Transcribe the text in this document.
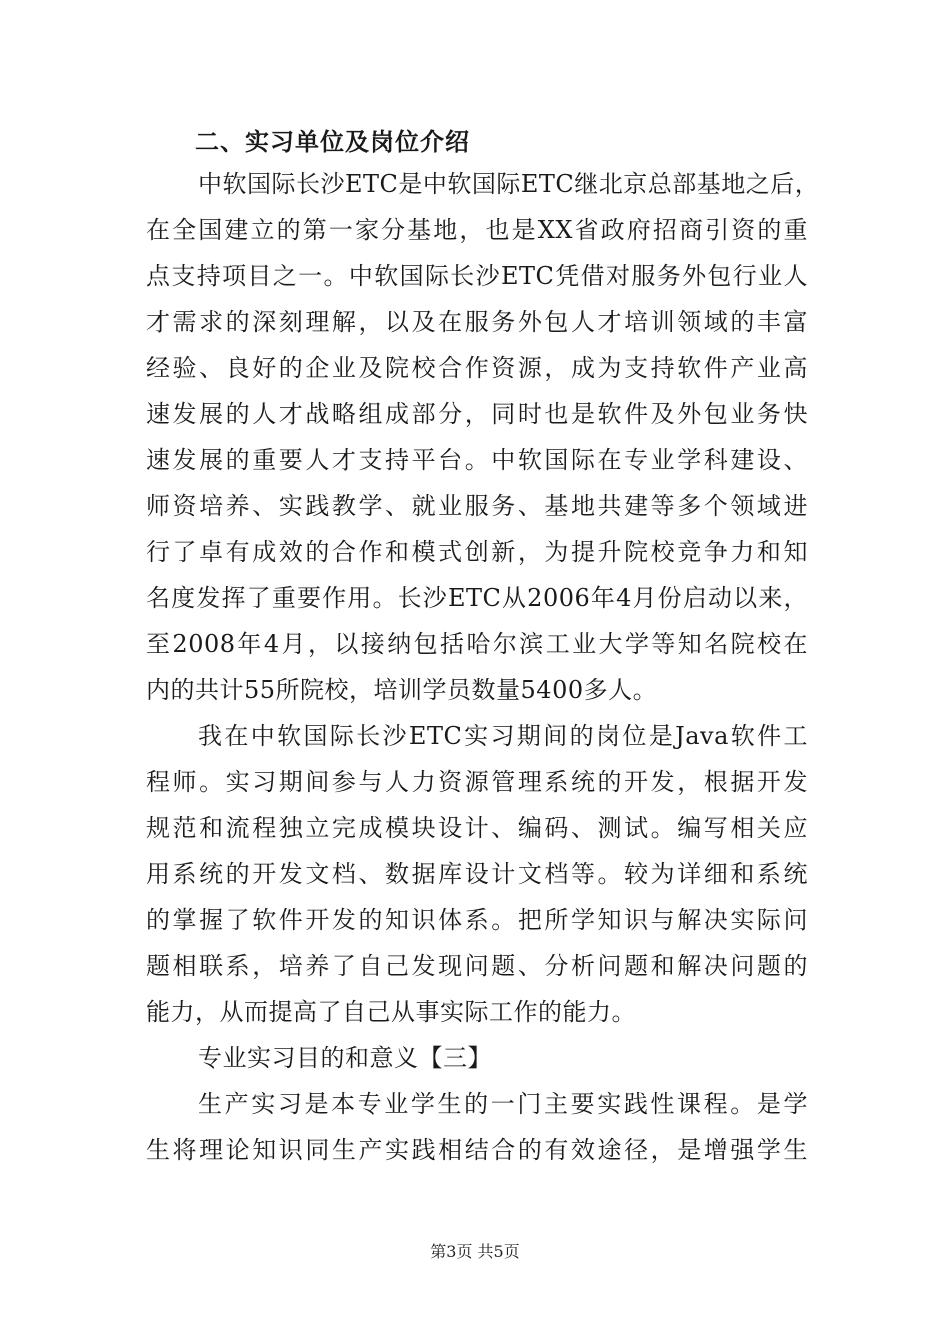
二、实习单位及岗位介绍
中软国际长沙ETC是中软国际ETC继北京总部基地之后，
在全国建立的第一家分基地，也是XX省政府招商引资的重
点支持项目之一。中软国际长沙ETC凭借对服务外包行业人
才需求的深刻理解，以及在服务外包人才培训领域的丰富
经验、良好的企业及院校合作资源，成为支持软件产业高
速发展的人才战略组成部分，同时也是软件及外包业务快
速发展的重要人才支持平台。中软国际在专业学科建设、
师资培养、实践教学、就业服务、基地共建等多个领域进
行了卓有成效的合作和模式创新，为提升院校竞争力和知
名度发挥了重要作用。长沙ETC从2006年4月份启动以来，
至2008年4月，以接纳包括哈尔滨工业大学等知名院校在
内的共计55所院校，培训学员数量5400多人。
我在中软国际长沙ETC实习期间的岗位是Java软件工
程师。实习期间参与人力资源管理系统的开发，根据开发
规范和流程独立完成模块设计、编码、测试。编写相关应
用系统的开发文档、数据库设计文档等。较为详细和系统
的掌握了软件开发的知识体系。把所学知识与解决实际问
题相联系，培养了自己发现问题、分析问题和解决问题的
能力，从而提高了自己从事实际工作的能力。
专业实习目的和意义【三】
生产实习是本专业学生的一门主要实践性课程。是学
生将理论知识同生产实践相结合的有效途径，是增强学生
第3页 共5页
